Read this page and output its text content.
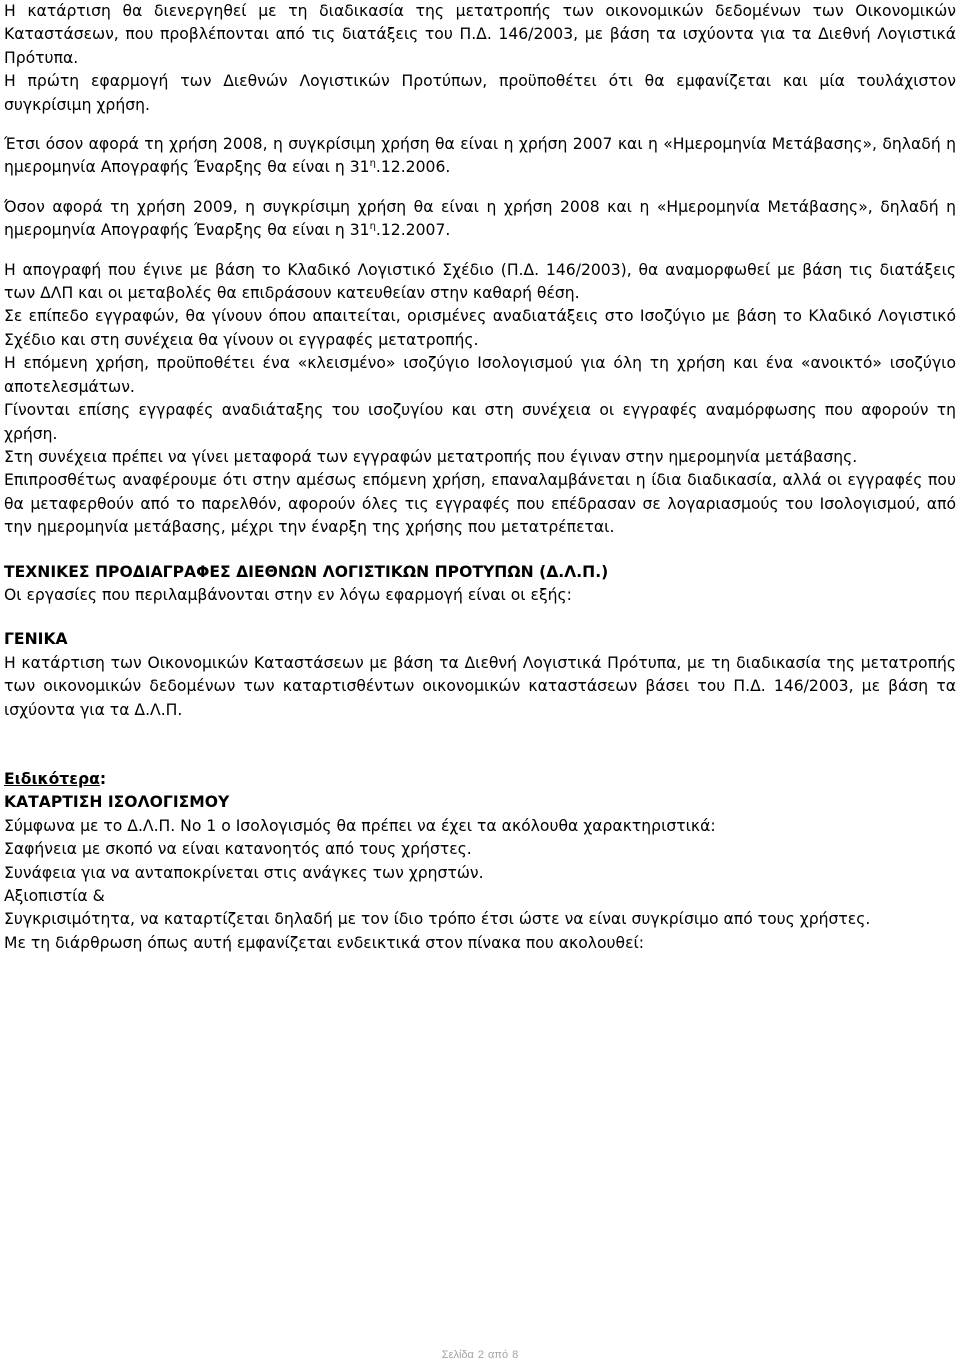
Η κατάρτιση θα διενεργηθεί με τη διαδικασία της μετατροπής των οικονομικών δεδομένων των Οικονομικών Καταστάσεων, που προβλέπονται από τις διατάξεις του Π.Δ. 146/2003, με βάση τα ισχύοντα για τα Διεθνή Λογιστικά Πρότυπα.

Η πρώτη εφαρμογή των Διεθνών Λογιστικών Προτύπων, προϋποθέτει ότι θα εμφανίζεται και μία τουλάχιστον συγκρίσιμη χρήση.

Έτσι όσον αφορά τη χρήση 2008, η συγκρίσιμη χρήση θα είναι η χρήση 2007 και η «Ημερομηνία Μετάβασης», δηλαδή η ημερομηνία Απογραφής Έναρξης θα είναι η $31^\eta.12.2006$.

Όσον αφορά τη χρήση 2009, η συγκρίσιμη χρήση θα είναι η χρήση 2008 και η «Ημερομηνία Μετάβασης», δηλαδή η ημερομηνία Απογραφής Έναρξης θα είναι η $31^\eta.12.2007$.

Η απογραφή που έγινε με βάση το Κλαδικό Λογιστικό Σχέδιο (Π.Δ. 146/2003), θα αναμορφωθεί με βάση τις διατάξεις των ΔΛΠ και οι μεταβολές θα επιδράσουν κατευθείαν στην καθαρή θέση.

Σε επίπεδο εγγραφών, θα γίνουν όπου απαιτείται, ορισμένες αναδιατάξεις στο Ισοζύγιο με βάση το Κλαδικό Λογιστικό Σχέδιο και στη συνέχεια θα γίνουν οι εγγραφές μετατροπής.

Η επόμενη χρήση, προϋποθέτει ένα «κλεισμένο» ισοζύγιο Ισολογισμού για όλη τη χρήση και ένα «ανοικτό» ισοζύγιο αποτελεσμάτων.

Γίνονται επίσης εγγραφές αναδιάταξης του ισοζυγίου και στη συνέχεια οι εγγραφές αναμόρφωσης που αφορούν τη χρήση.

Στη συνέχεια πρέπει να γίνει μεταφορά των εγγραφών μετατροπής που έγιναν στην ημερομηνία μετάβασης.

Επιπροσθέτως αναφέρουμε ότι στην αμέσως επόμενη χρήση, επαναλαμβάνεται η ίδια διαδικασία, αλλά οι εγγραφές που θα μεταφερθούν από το παρελθόν, αφορούν όλες τις εγγραφές που επέδρασαν σε λογαριασμούς του Ισολογισμού, από την ημερομηνία μετάβασης, μέχρι την έναρξη της χρήσης που μετατρέπεται.

ΤΕΧΝΙΚΕΣ ΠΡΟΔΙΑΓΡΑΦΕΣ ΔΙΕΘΝΩΝ ΛΟΓΙΣΤΙΚΩΝ ΠΡΟΤΥΠΩΝ (Δ.Λ.Π.)

Οι εργασίες που περιλαμβάνονται στην εν λόγω εφαρμογή είναι οι εξής:

ΓΕΝΙΚΑ

Η κατάρτιση των Οικονομικών Καταστάσεων με βάση τα Διεθνή Λογιστικά Πρότυπα, με τη διαδικασία της μετατροπής των οικονομικών δεδομένων των καταρτισθέντων οικονομικών καταστάσεων βάσει του Π.Δ. 146/2003, με βάση τα ισχύοντα για τα Δ.Λ.Π.

Ειδικότερα:

ΚΑΤΑΡΤΙΣΗ ΙΣΟΛΟΓΙΣΜΟΥ

Σύμφωνα με το Δ.Λ.Π. Νο 1 ο Ισολογισμός θα πρέπει να έχει τα ακόλουθα χαρακτηριστικά:

Σαφήνεια με σκοπό να είναι κατανοητός από τους χρήστες.

Συνάφεια για να ανταποκρίνεται στις ανάγκες των χρηστών.

Αξιοπιστία &

Συγκρισιμότητα, να καταρτίζεται δηλαδή με τον ίδιο τρόπο έτσι ώστε να είναι συγκρίσιμο από τους χρήστες.

Με τη διάρθρωση όπως αυτή εμφανίζεται ενδεικτικά στον πίνακα που ακολουθεί:

Σελίδα 2 από 8
